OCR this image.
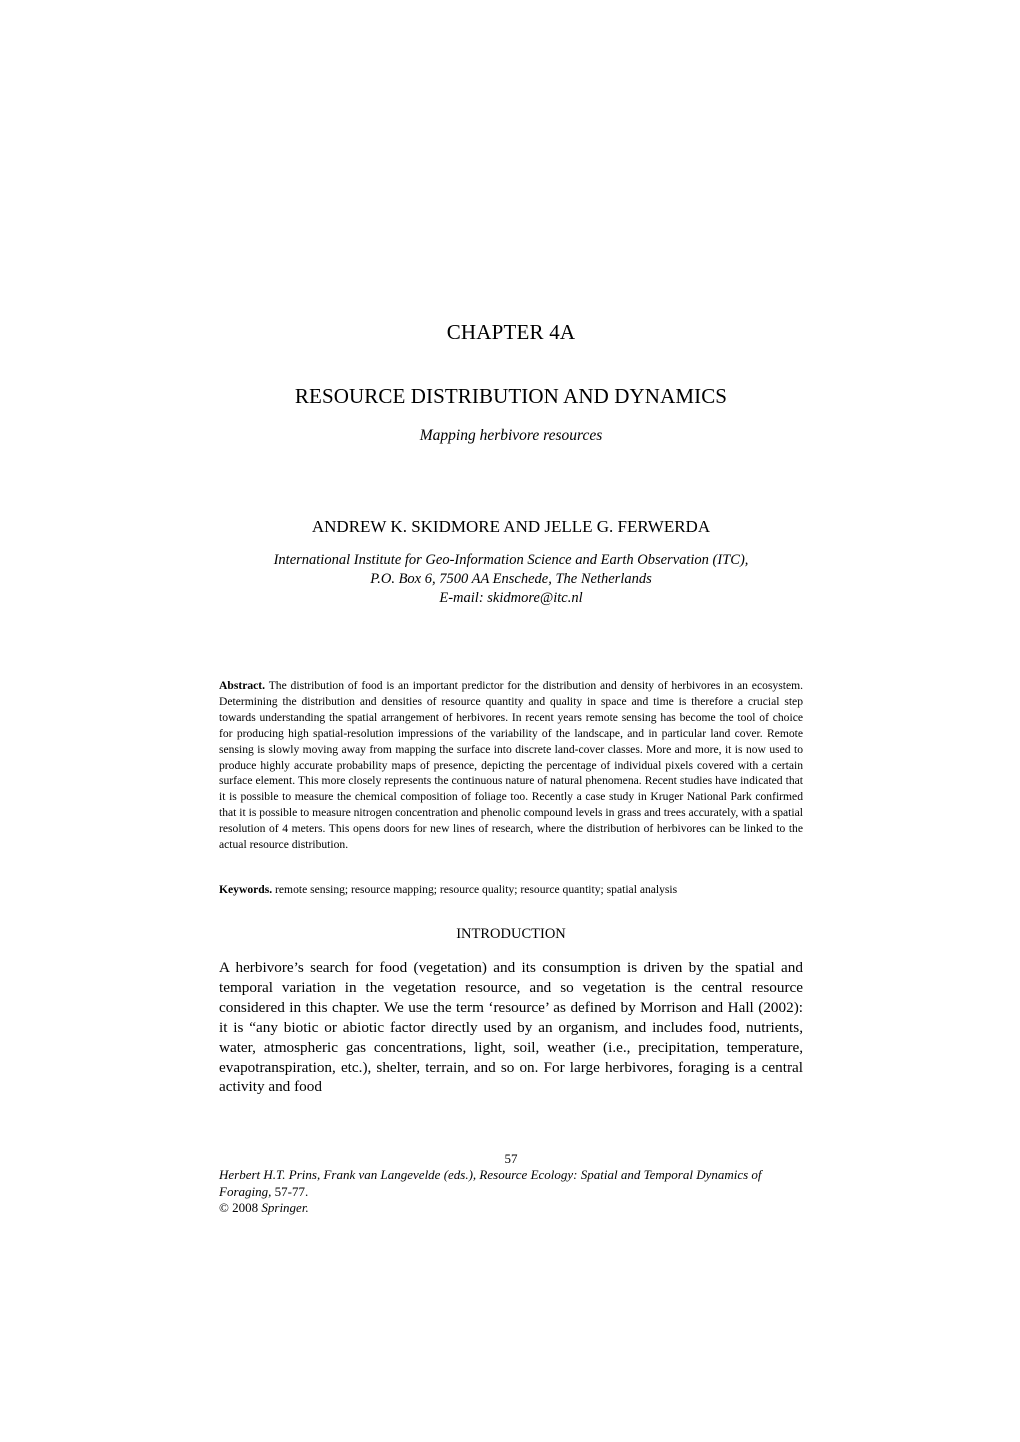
CHAPTER 4A
RESOURCE DISTRIBUTION AND DYNAMICS
Mapping herbivore resources
ANDREW K. SKIDMORE AND JELLE G. FERWERDA
International Institute for Geo-Information Science and Earth Observation (ITC),
P.O. Box 6, 7500 AA Enschede, The Netherlands
E-mail: skidmore@itc.nl
Abstract. The distribution of food is an important predictor for the distribution and density of herbivores in an ecosystem. Determining the distribution and densities of resource quantity and quality in space and time is therefore a crucial step towards understanding the spatial arrangement of herbivores. In recent years remote sensing has become the tool of choice for producing high spatial-resolution impressions of the variability of the landscape, and in particular land cover. Remote sensing is slowly moving away from mapping the surface into discrete land-cover classes. More and more, it is now used to produce highly accurate probability maps of presence, depicting the percentage of individual pixels covered with a certain surface element. This more closely represents the continuous nature of natural phenomena. Recent studies have indicated that it is possible to measure the chemical composition of foliage too. Recently a case study in Kruger National Park confirmed that it is possible to measure nitrogen concentration and phenolic compound levels in grass and trees accurately, with a spatial resolution of 4 meters. This opens doors for new lines of research, where the distribution of herbivores can be linked to the actual resource distribution.
Keywords. remote sensing; resource mapping; resource quality; resource quantity; spatial analysis
INTRODUCTION
A herbivore’s search for food (vegetation) and its consumption is driven by the spatial and temporal variation in the vegetation resource, and so vegetation is the central resource considered in this chapter. We use the term ‘resource’ as defined by Morrison and Hall (2002): it is “any biotic or abiotic factor directly used by an organism, and includes food, nutrients, water, atmospheric gas concentrations, light, soil, weather (i.e., precipitation, temperature, evapotranspiration, etc.), shelter, terrain, and so on. For large herbivores, foraging is a central activity and food
57
Herbert H.T. Prins, Frank van Langevelde (eds.), Resource Ecology: Spatial and Temporal Dynamics of Foraging, 57-77.
© 2008 Springer.
